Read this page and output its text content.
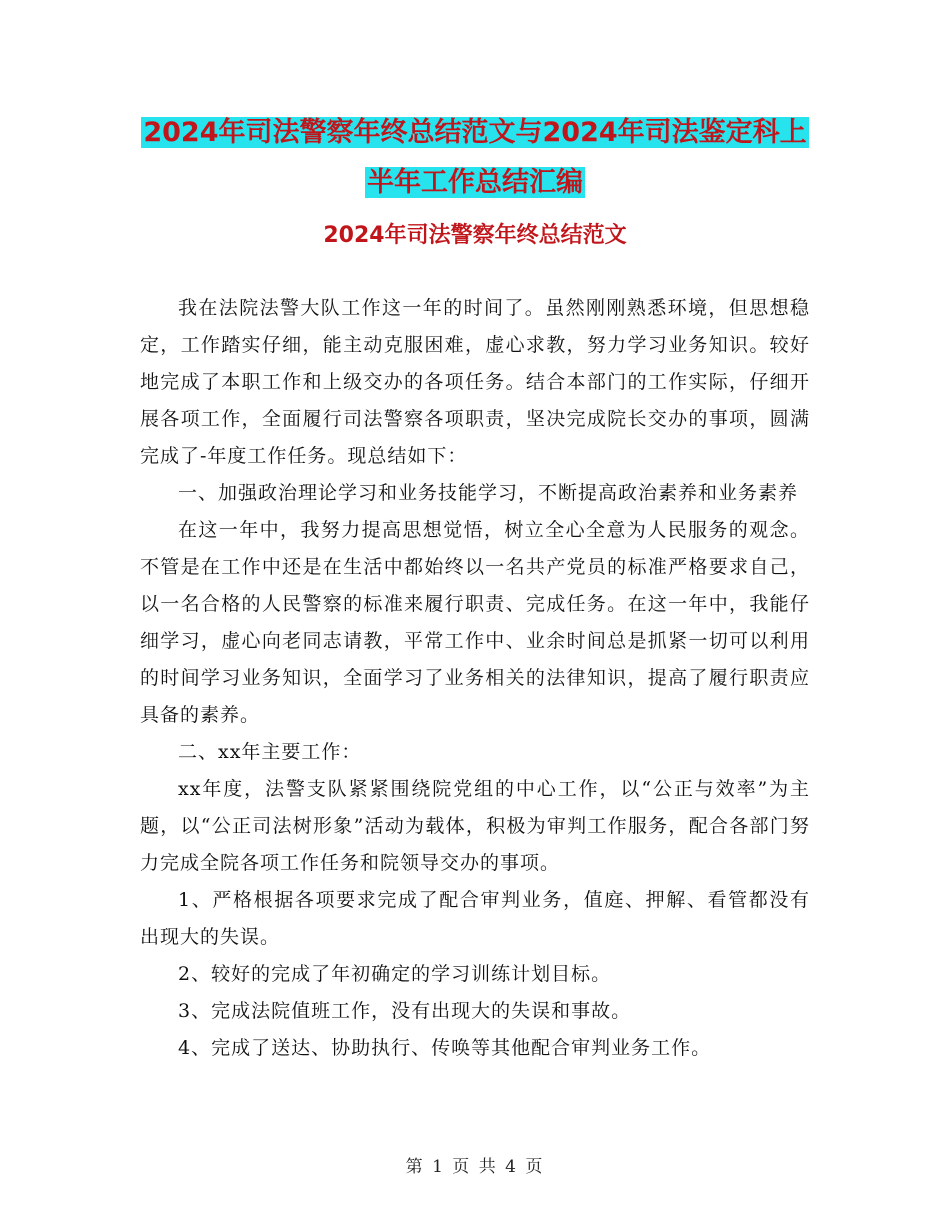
2024年司法警察年终总结范文与2024年司法鉴定科上
半年工作总结汇编
2024年司法警察年终总结范文

我在法院法警大队工作这一年的时间了。虽然刚刚熟悉环境，但思想稳定，工作踏实仔细，能主动克服困难，虚心求教，努力学习业务知识。较好地完成了本职工作和上级交办的各项任务。结合本部门的工作实际，仔细开展各项工作，全面履行司法警察各项职责，坚决完成院长交办的事项，圆满完成了-年度工作任务。现总结如下：

一、加强政治理论学习和业务技能学习，不断提高政治素养和业务素养

在这一年中，我努力提高思想觉悟，树立全心全意为人民服务的观念。不管是在工作中还是在生活中都始终以一名共产党员的标准严格要求自己，以一名合格的人民警察的标准来履行职责、完成任务。在这一年中，我能仔细学习，虚心向老同志请教，平常工作中、业余时间总是抓紧一切可以利用的时间学习业务知识，全面学习了业务相关的法律知识，提高了履行职责应具备的素养。

二、xx年主要工作：

xx年度，法警支队紧紧围绕院党组的中心工作，以“公正与效率”为主题，以“公正司法树形象”活动为载体，积极为审判工作服务，配合各部门努力完成全院各项工作任务和院领导交办的事项。

1、严格根据各项要求完成了配合审判业务，值庭、押解、看管都没有出现大的失误。

2、较好的完成了年初确定的学习训练计划目标。

3、完成法院值班工作，没有出现大的失误和事故。

4、完成了送达、协助执行、传唤等其他配合审判业务工作。

第 1 页 共 4 页
